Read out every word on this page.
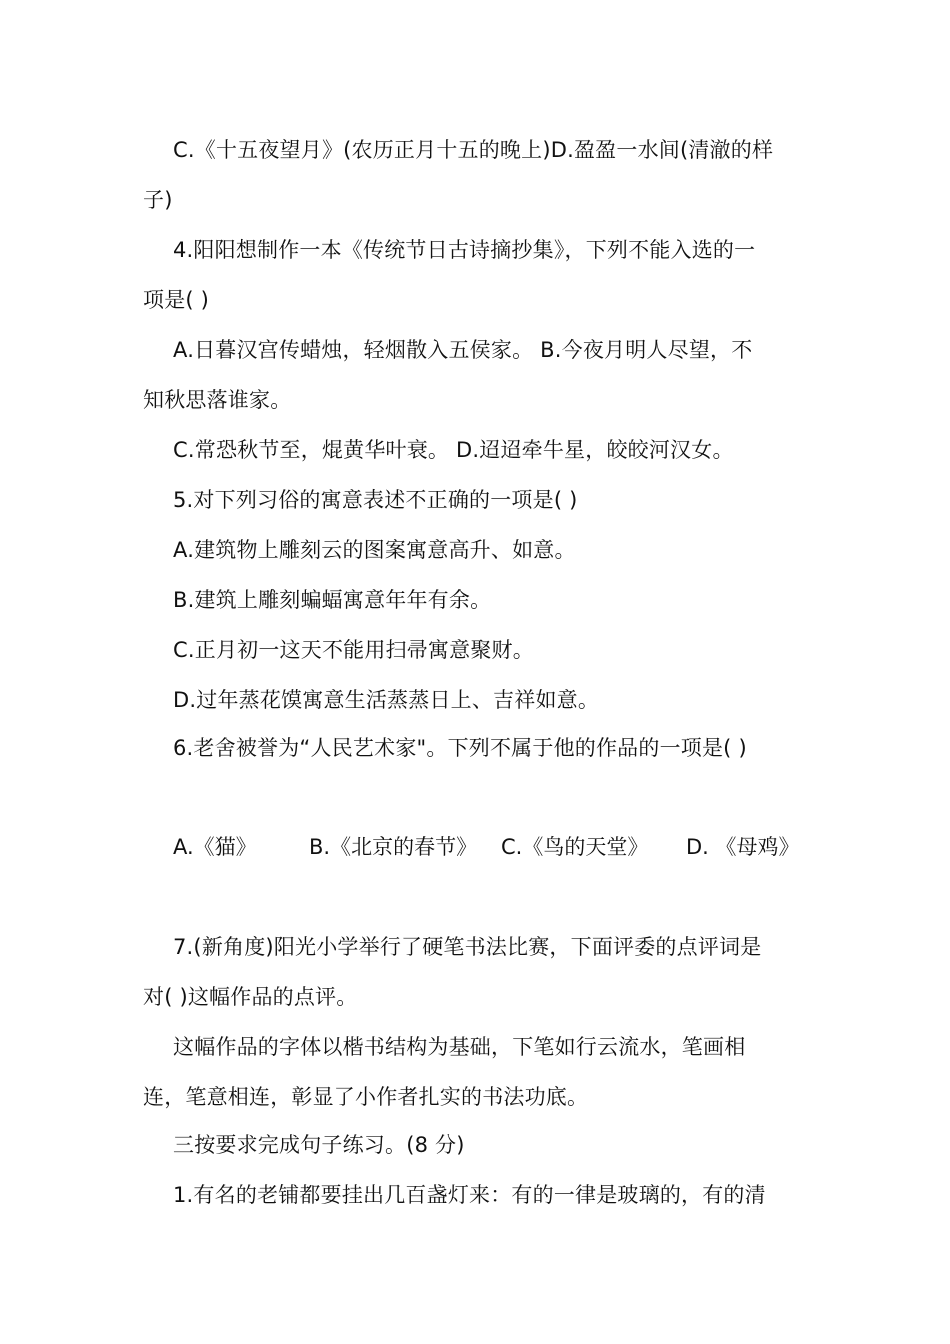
C.《十五夜望月》(农历正月十五的晚上)D.盈盈一水间(清澈的样
子)
4.阳阳想制作一本《传统节日古诗摘抄集》，下列不能入选的一
项是( )
A.日暮汉宫传蜡烛，轻烟散入五侯家。 B.今夜月明人尽望，不
知秋思落谁家。
C.常恐秋节至，焜黄华叶衰。 D.迢迢牵牛星，皎皎河汉女。
5.对下列习俗的寓意表述不正确的一项是( )
A.建筑物上雕刻云的图案寓意高升、如意。
B.建筑上雕刻蝙蝠寓意年年有余。
C.正月初一这天不能用扫帚寓意聚财。
D.过年蒸花馍寓意生活蒸蒸日上、吉祥如意。
6.老舍被誉为“人民艺术家"。下列不属于他的作品的一项是( )
A.《猫》 B.《北京的春节》 C.《鸟的天堂》 D. 《母鸡》
7.(新角度)阳光小学举行了硬笔书法比赛，下面评委的点评词是
对( )这幅作品的点评。
这幅作品的字体以楷书结构为基础，下笔如行云流水，笔画相
连，笔意相连，彰显了小作者扎实的书法功底。
三按要求完成句子练习。(8 分)
1.有名的老铺都要挂出几百盏灯来：有的一律是玻璃的，有的清
